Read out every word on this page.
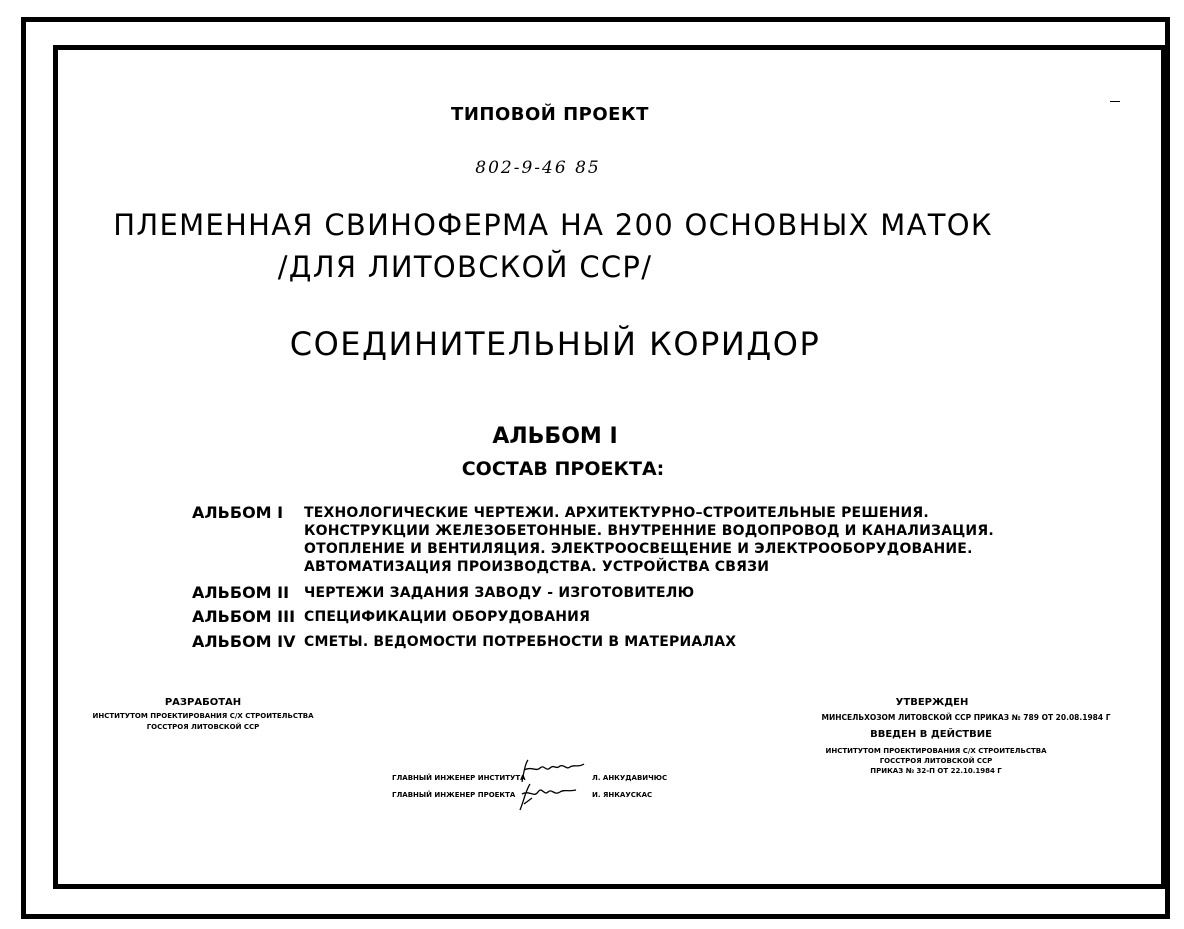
ТИПОВОЙ ПРОЕКТ
802-9-46 85
ПЛЕМЕННАЯ СВИНОФЕРМА НА 200 ОСНОВНЫХ МАТОК
/ДЛЯ ЛИТОВСКОЙ ССР/
СОЕДИНИТЕЛЬНЫЙ КОРИДОР
АЛЬБОМ I
СОСТАВ ПРОЕКТА:
АЛЬБОМ I ТЕХНОЛОГИЧЕСКИЕ ЧЕРТЕЖИ. АРХИТЕКТУРНО–СТРОИТЕЛЬНЫЕ РЕШЕНИЯ.
КОНСТРУКЦИИ ЖЕЛЕЗОБЕТОННЫЕ. ВНУТРЕННИЕ ВОДОПРОВОД И КАНАЛИЗАЦИЯ.
ОТОПЛЕНИЕ И ВЕНТИЛЯЦИЯ. ЭЛЕКТРООСВЕЩЕНИЕ И ЭЛЕКТРООБОРУДОВАНИЕ.
АВТОМАТИЗАЦИЯ ПРОИЗВОДСТВА. УСТРОЙСТВА СВЯЗИ
АЛЬБОМ II ЧЕРТЕЖИ ЗАДАНИЯ ЗАВОДУ - ИЗГОТОВИТЕЛЮ
АЛЬБОМ III СПЕЦИФИКАЦИИ ОБОРУДОВАНИЯ
АЛЬБОМ IV СМЕТЫ. ВЕДОМОСТИ ПОТРЕБНОСТИ В МАТЕРИАЛАХ
РАЗРАБОТАН
ИНСТИТУТОМ ПРОЕКТИРОВАНИЯ С/Х СТРОИТЕЛЬСТВА
ГОССТРОЯ ЛИТОВСКОЙ ССР
УТВЕРЖДЕН
МИНСЕЛЬХОЗОМ ЛИТОВСКОЙ ССР ПРИКАЗ № 789 ОТ 20.08.1984 Г
ВВЕДЕН В ДЕЙСТВИЕ
ИНСТИТУТОМ ПРОЕКТИРОВАНИЯ С/Х СТРОИТЕЛЬСТВА
ГОССТРОЯ ЛИТОВСКОЙ ССР
ПРИКАЗ № 32-П ОТ 22.10.1984 Г
ГЛАВНЫЙ ИНЖЕНЕР ИНСТИТУТА	Л. АНКУДАВИЧЮС
ГЛАВНЫЙ ИНЖЕНЕР ПРОЕКТА	И. ЯНКАУСКАС
